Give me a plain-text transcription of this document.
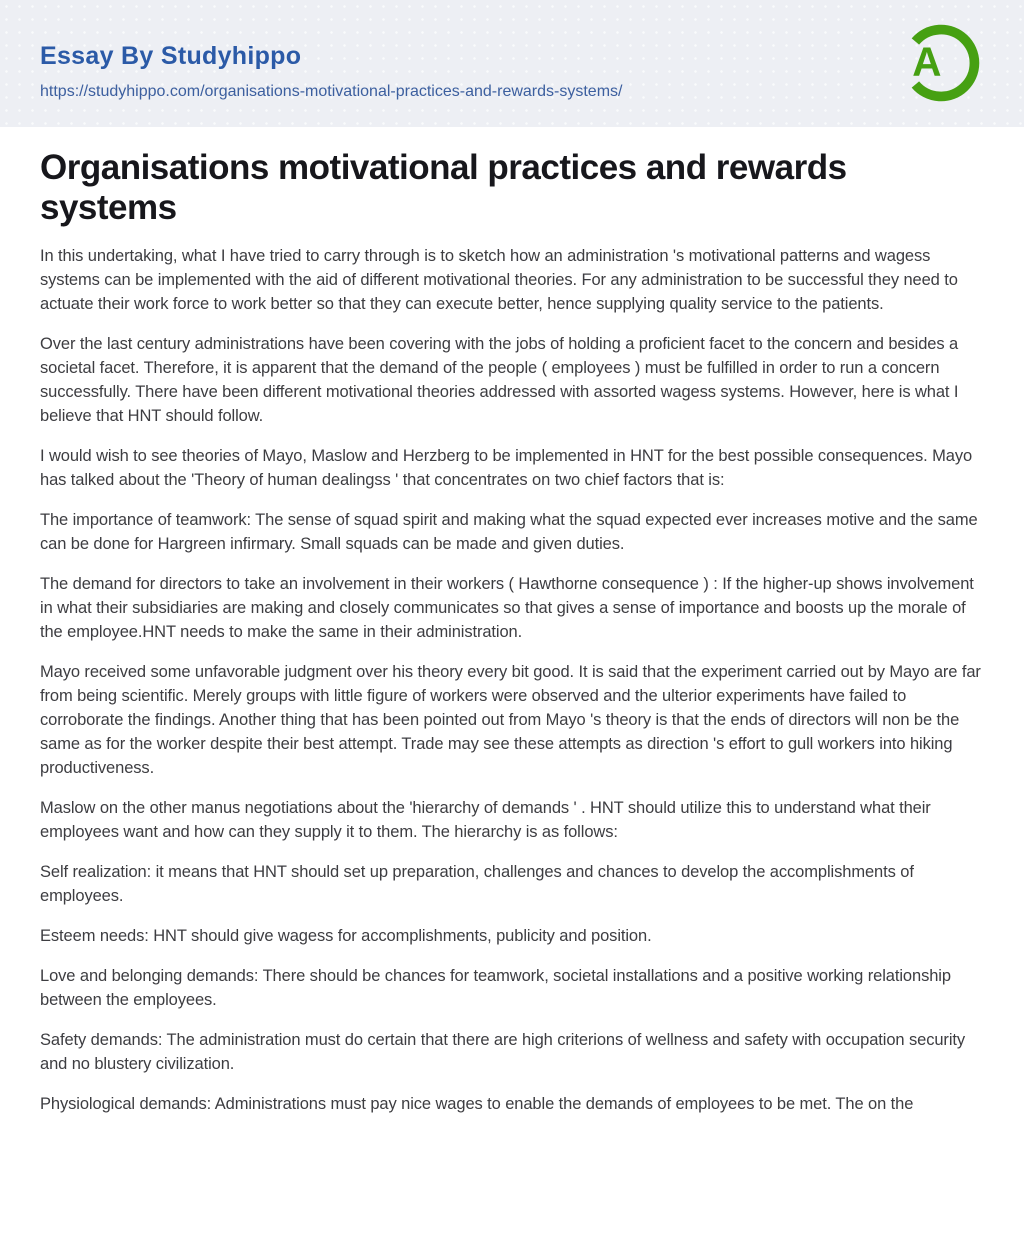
Essay By Studyhippo
https://studyhippo.com/organisations-motivational-practices-and-rewards-systems/
A
Organisations motivational practices and rewards systems

In this undertaking, what I have tried to carry through is to sketch how an administration 's motivational patterns and wagess systems can be implemented with the aid of different motivational theories. For any administration to be successful they need to actuate their work force to work better so that they can execute better, hence supplying quality service to the patients.

Over the last century administrations have been covering with the jobs of holding a proficient facet to the concern and besides a societal facet. Therefore, it is apparent that the demand of the people ( employees ) must be fulfilled in order to run a concern successfully. There have been different motivational theories addressed with assorted wagess systems. However, here is what I believe that HNT should follow.

I would wish to see theories of Mayo, Maslow and Herzberg to be implemented in HNT for the best possible consequences. Mayo has talked about the 'Theory of human dealingss ' that concentrates on two chief factors that is:

The importance of teamwork: The sense of squad spirit and making what the squad expected ever increases motive and the same can be done for Hargreen infirmary. Small squads can be made and given duties.

The demand for directors to take an involvement in their workers ( Hawthorne consequence ) : If the higher-up shows involvement in what their subsidiaries are making and closely communicates so that gives a sense of importance and boosts up the morale of the employee.HNT needs to make the same in their administration.

Mayo received some unfavorable judgment over his theory every bit good. It is said that the experiment carried out by Mayo are far from being scientific. Merely groups with little figure of workers were observed and the ulterior experiments have failed to corroborate the findings. Another thing that has been pointed out from Mayo 's theory is that the ends of directors will non be the same as for the worker despite their best attempt. Trade may see these attempts as direction 's effort to gull workers into hiking productiveness.

Maslow on the other manus negotiations about the 'hierarchy of demands ' . HNT should utilize this to understand what their employees want and how can they supply it to them. The hierarchy is as follows:

Self realization: it means that HNT should set up preparation, challenges and chances to develop the accomplishments of employees.

Esteem needs: HNT should give wagess for accomplishments, publicity and position.

Love and belonging demands: There should be chances for teamwork, societal installations and a positive working relationship between the employees.

Safety demands: The administration must do certain that there are high criterions of wellness and safety with occupation security and no blustery civilization.

Physiological demands: Administrations must pay nice wages to enable the demands of employees to be met. The on the
